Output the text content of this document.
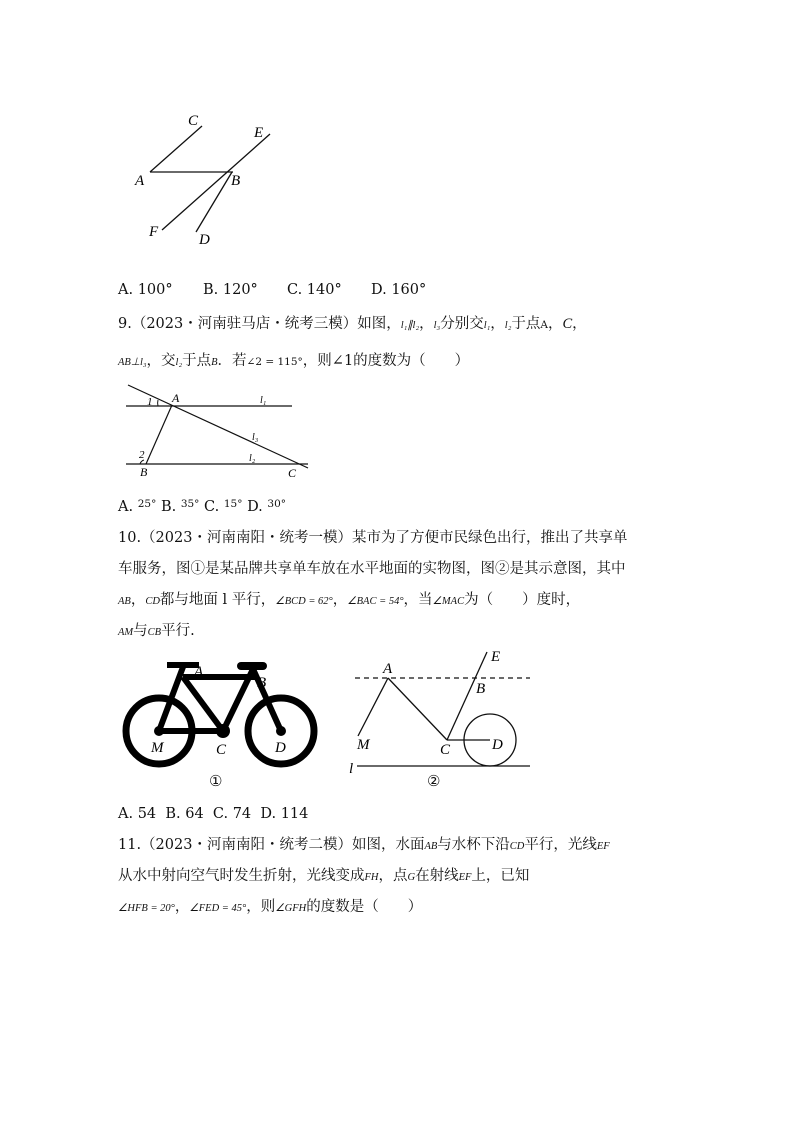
C
E
A	B
F	D
A. 100° B. 120° C. 140° D. 160°
9.（2023・河南驻马店・统考三模）如图，l₁∥l₂，l₃分别交l₁，l₂于点A，C，
AB⊥l₃，交l₂于点B．若∠2 = 115°，则∠1的度数为（　　）
1
2
A
B	C
l₁
l₃
l₂
A. $^{25^\circ}$ B. $^{35^\circ}$ C. $^{15^\circ}$ D. $^{30^\circ}$
10.（2023・河南南阳・统考一模）某市为了方便市民绿色出行，推出了共享单
车服务，图①是某品牌共享单车放在水平地面的实物图，图②是其示意图，其中
AB，CD都与地面 l 平行，∠BCD = 62°，∠BAC = 54°，当∠MAC为（　　）度时，
AM与CB平行.
A
B
M	C	D
A
E
B
M	C	D
l
①	②
A. 54 B. 64 C. 74 D. 114
11.（2023・河南南阳・统考二模）如图，水面AB与水杯下沿CD平行，光线EF
从水中射向空气时发生折射，光线变成FH，点G在射线EF上，已知
∠HFB = 20°，∠FED = 45°，则∠GFH的度数是（　　）
